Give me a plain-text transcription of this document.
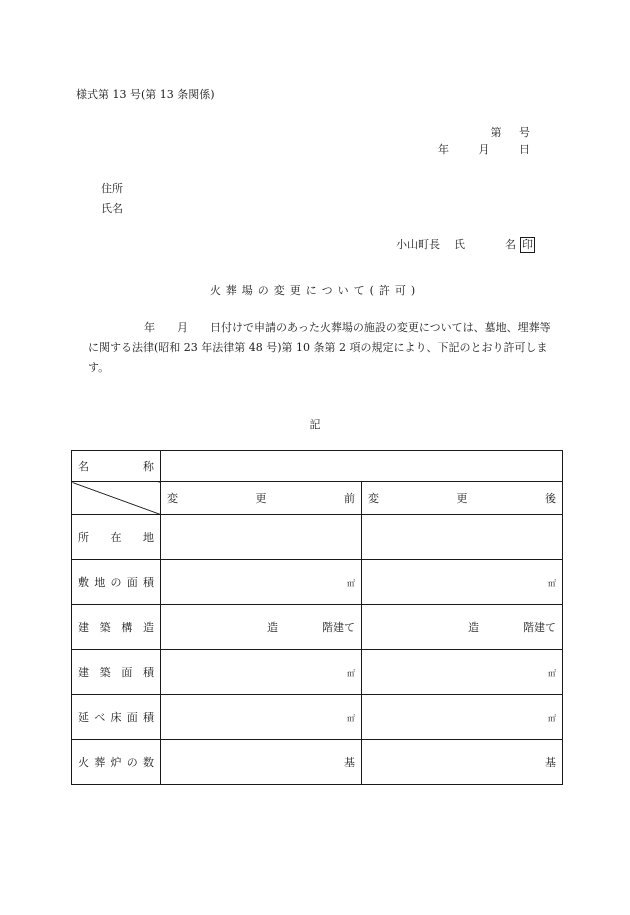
様式第 13 号(第 13 条関係)
第 号
年 月 日
住所
氏名
小山町長 氏	名 印
火葬場の変更について(許可)
年　　月　　日付けで申請のあった火葬場の施設の変更については、墓地、埋葬等に関する法律(昭和 23 年法律第 48 号)第 10 条第 2 項の規定により、下記のとおり許可します。
記
名 称		

	変 更 前	変 更 後

所 在 地		

敷 地 の 面 積	㎡	㎡

建 築 構 造	造 階建て	造 階建て

建 築 面 積	㎡	㎡

延 べ 床 面 積	㎡	㎡

火 葬 炉 の 数	基	基
